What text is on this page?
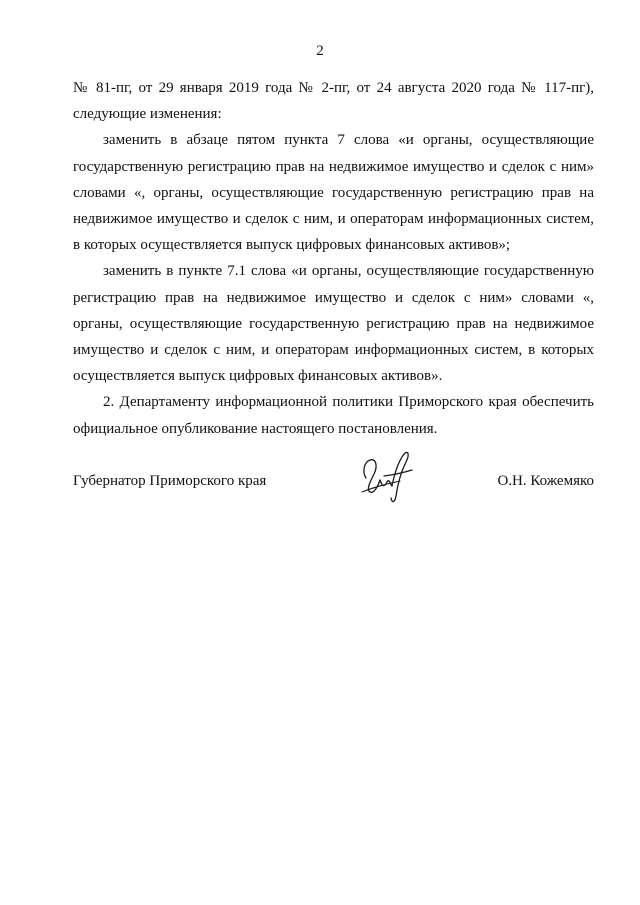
2

№ 81-пг, от 29 января 2019 года № 2-пг, от 24 августа 2020 года № 117-пг), следующие изменения:

заменить в абзаце пятом пункта 7 слова «и органы, осуществляющие государственную регистрацию прав на недвижимое имущество и сделок с ним» словами «, органы, осуществляющие государственную регистрацию прав на недвижимое имущество и сделок с ним, и операторам информационных систем, в которых осуществляется выпуск цифровых финансовых активов»;

заменить в пункте 7.1 слова «и органы, осуществляющие государственную регистрацию прав на недвижимое имущество и сделок с ним» словами «, органы, осуществляющие государственную регистрацию прав на недвижимое имущество и сделок с ним, и операторам информационных систем, в которых осуществляется выпуск цифровых финансовых активов».

2. Департаменту информационной политики Приморского края обеспечить официальное опубликование настоящего постановления.

Губернатор Приморского края	О.Н. Кожемяко
